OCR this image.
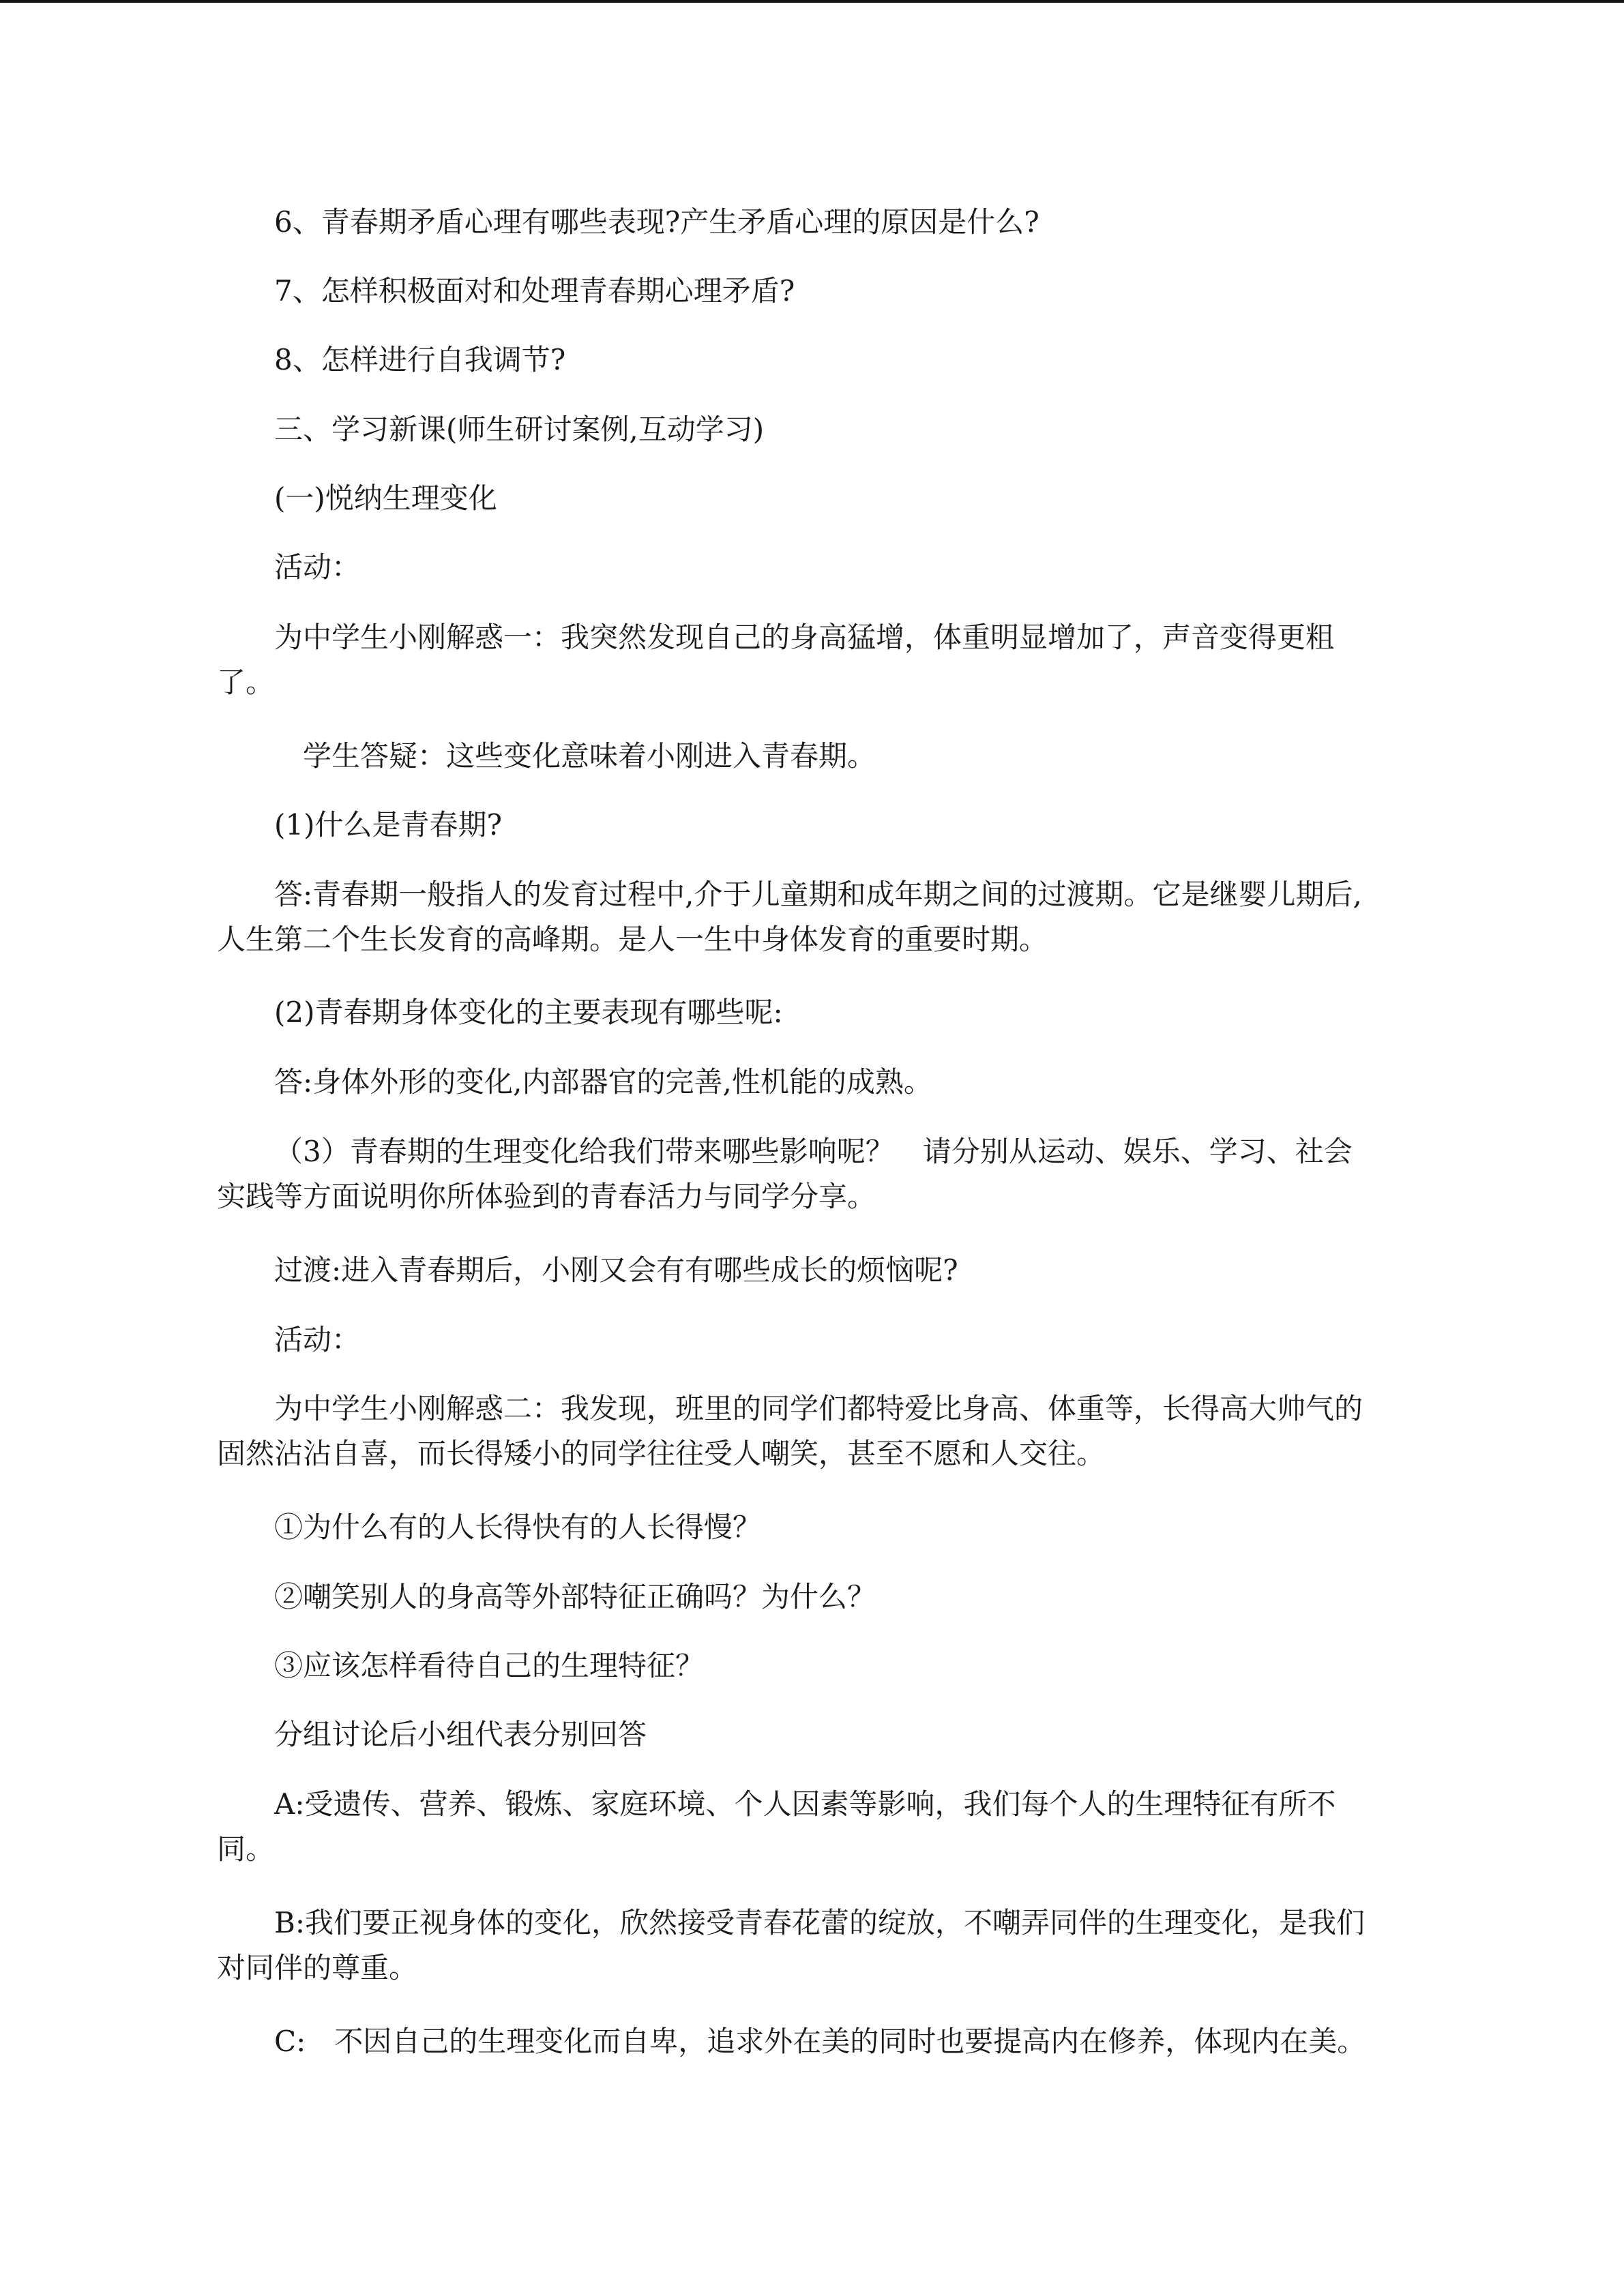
6、青春期矛盾心理有哪些表现?产生矛盾心理的原因是什么?

7、怎样积极面对和处理青春期心理矛盾?

8、怎样进行自我调节?

三、学习新课(师生研讨案例,互动学习)

(一)悦纳生理变化

活动：

为中学生小刚解惑一：我突然发现自己的身高猛增，体重明显增加了，声音变得更粗了。

学生答疑：这些变化意味着小刚进入青春期。

(1)什么是青春期?

答:青春期一般指人的发育过程中,介于儿童期和成年期之间的过渡期。它是继婴儿期后,人生第二个生长发育的高峰期。是人一生中身体发育的重要时期。

(2)青春期身体变化的主要表现有哪些呢:

答:身体外形的变化,内部器官的完善,性机能的成熟。

（3）青春期的生理变化给我们带来哪些影响呢？　请分别从运动、娱乐、学习、社会实践等方面说明你所体验到的青春活力与同学分享。

过渡:进入青春期后，小刚又会有有哪些成长的烦恼呢?

活动：

为中学生小刚解惑二：我发现，班里的同学们都特爱比身高、体重等，长得高大帅气的固然沾沾自喜，而长得矮小的同学往往受人嘲笑，甚至不愿和人交往。

①为什么有的人长得快有的人长得慢？

②嘲笑别人的身高等外部特征正确吗？为什么？

③应该怎样看待自己的生理特征？

分组讨论后小组代表分别回答

A:受遗传、营养、锻炼、家庭环境、个人因素等影响，我们每个人的生理特征有所不同。

B:我们要正视身体的变化，欣然接受青春花蕾的绽放，不嘲弄同伴的生理变化，是我们对同伴的尊重。

C:　不因自己的生理变化而自卑，追求外在美的同时也要提高内在修养，体现内在美。
